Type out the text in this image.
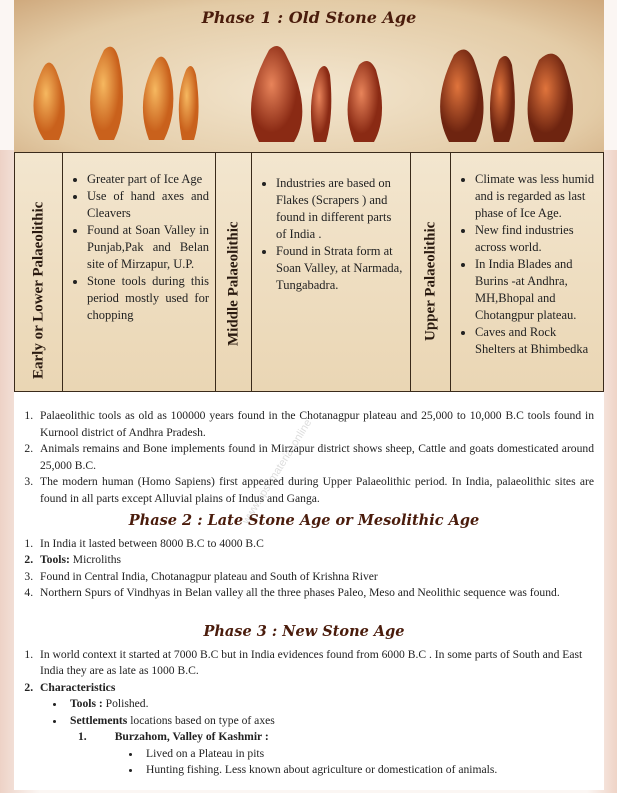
Phase 1 : Old Stone Age
Early or Lower Palaeolithic
• Greater part of Ice Age
• Use of hand axes and Cleavers
• Found at Soan Valley in Punjab,Pak and Belan site of Mirzapur, U.P.
• Stone tools during this period mostly used for chopping	Middle Palaeolithic
• Industries are based on Flakes (Scrapers ) and found in different parts of India .
• Found in Strata form at Soan Valley, at Narmada, Tungabadra.	Upper Palaeolithic
• Climate was less humid and is regarded as last phase of Ice Age.
• New find industries across world.
• In India Blades and Burins -at Andhra, MH,Bhopal and Chotangpur plateau.
• Caves and Rock Shelters at Bhimbedka
1. Palaeolithic tools as old as 100000 years found in the Chotanagpur plateau and 25,000 to 10,000 B.C tools found in Kurnool district of Andhra Pradesh.
2. Animals remains and Bone implements found in Mirzapur district shows sheep, Cattle and goats domesticated around 25,000 B.C.
3. The modern human (Homo Sapiens) first appeared during Upper Palaeolithic period. In India, palaeolithic sites are found in all parts except Alluvial plains of Indus and Ganga.
Phase 2 : Late Stone Age or Mesolithic Age
1. In India it lasted between 8000 B.C to 4000 B.C
2. Tools: Microliths
3. Found in Central India, Chotanagpur plateau and South of Krishna River
4. Northern Spurs of Vindhyas in Belan valley all the three phases Paleo, Meso and Neolithic sequence was found.
Phase 3 : New Stone Age
1. In world context it started at 7000 B.C but in India evidences found from 6000 B.C . In some parts of South and East India they are as late as 1000 B.C.
2. Characteristics
• Tools : Polished.
• Settlements locations based on type of axes
1. Burzahom, Valley of Kashmir :
• Lived on a Plateau in pits
• Hunting fishing. Less known about agriculture or domestication of animals.
www.upscmaterial.online
